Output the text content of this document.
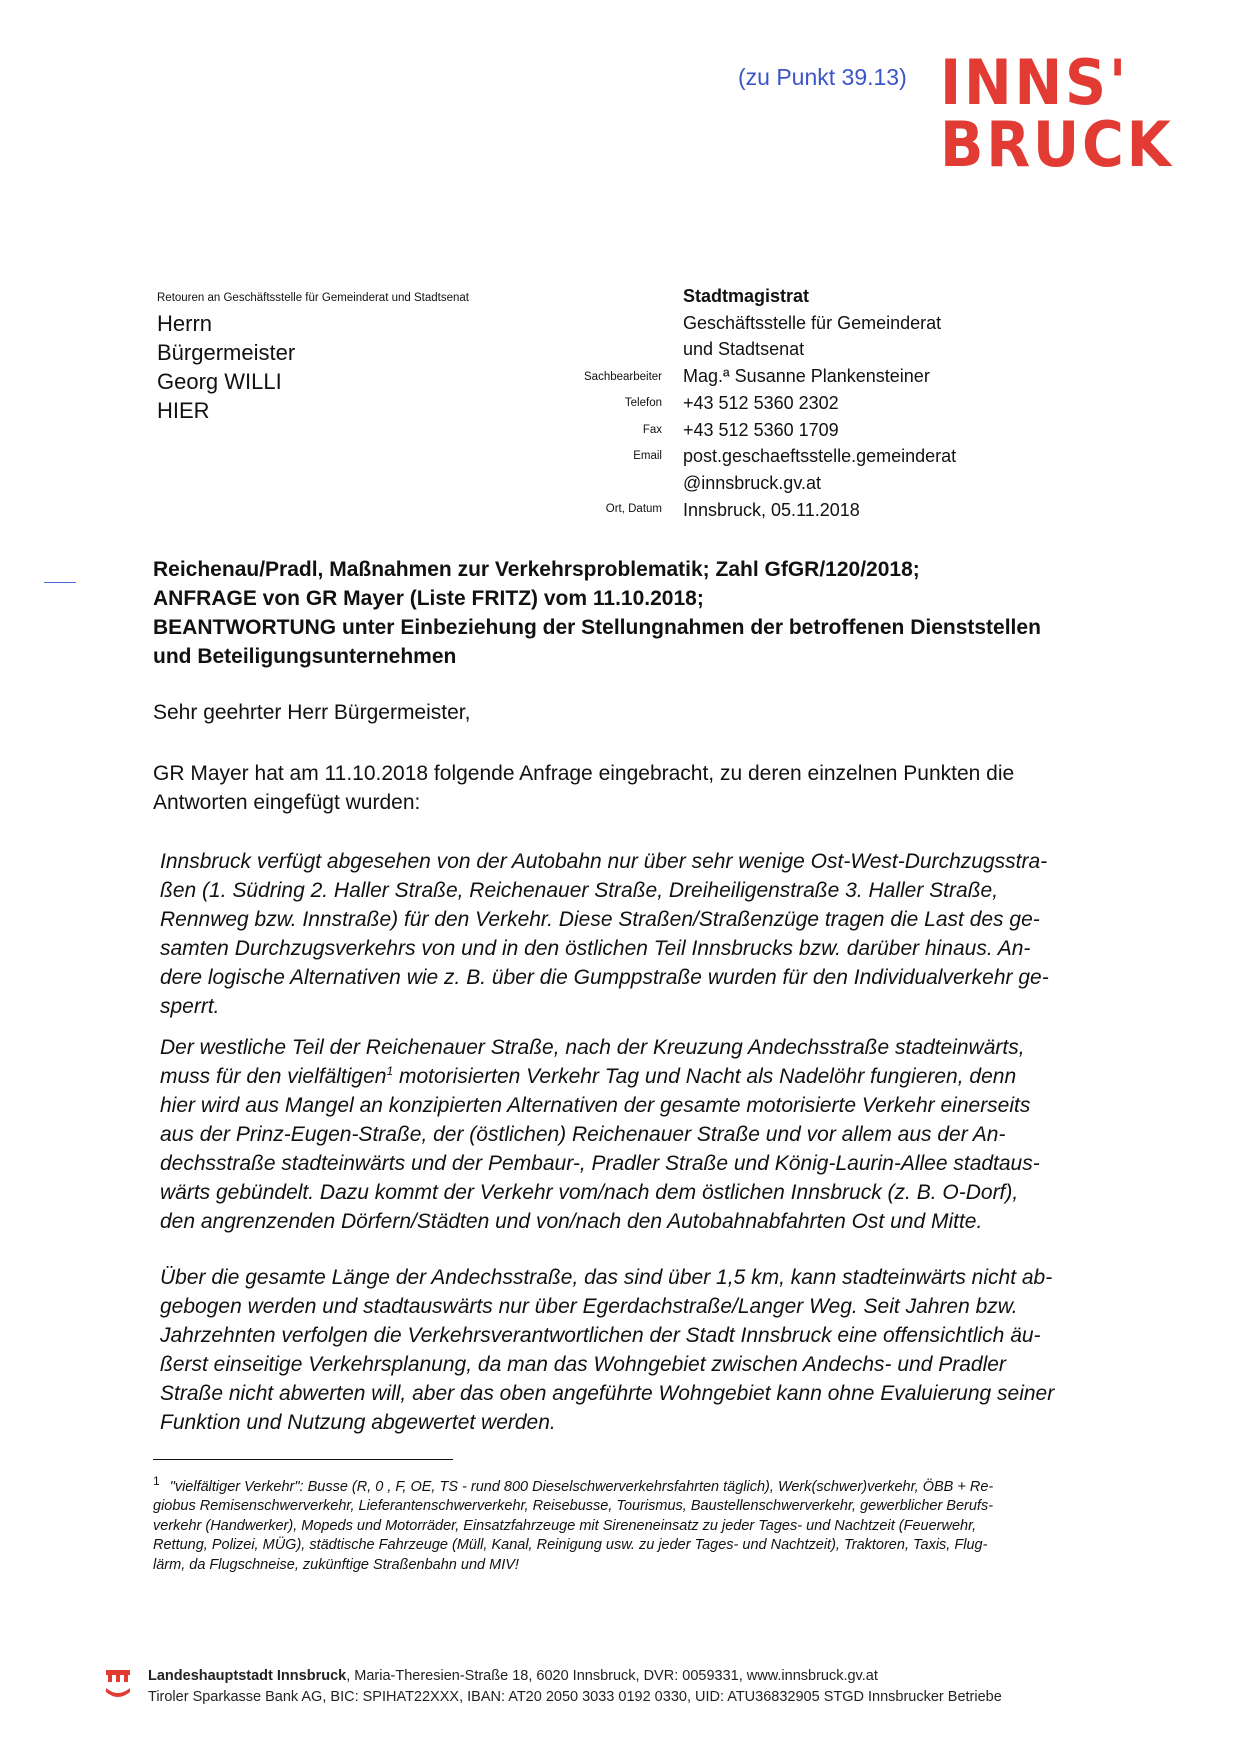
(zu Punkt 39.13) INNS'
BRUCK
Retouren an Geschäftsstelle für Gemeinderat und Stadtsenat
Herrn
Bürgermeister
Georg WILLI
HIER
Sachbearbeiter
Telefon
Fax
Email
Ort, Datum
Stadtmagistrat
Geschäftsstelle für Gemeinderat
und Stadtsenat
Mag.ª Susanne Plankensteiner
+43 512 5360 2302
+43 512 5360 1709
post.geschaeftsstelle.gemeinderat
@innsbruck.gv.at
Innsbruck, 05.11.2018
Reichenau/Pradl, Maßnahmen zur Verkehrsproblematik; Zahl GfGR/120/2018;
ANFRAGE von GR Mayer (Liste FRITZ) vom 11.10.2018;
BEANTWORTUNG unter Einbeziehung der Stellungnahmen der betroffenen Dienststellen
und Beteiligungsunternehmen
Sehr geehrter Herr Bürgermeister,
GR Mayer hat am 11.10.2018 folgende Anfrage eingebracht, zu deren einzelnen Punkten die
Antworten eingefügt wurden:
Innsbruck verfügt abgesehen von der Autobahn nur über sehr wenige Ost-West-Durchzugsstra-
ßen (1. Südring 2. Haller Straße, Reichenauer Straße, Dreiheiligenstraße 3. Haller Straße,
Rennweg bzw. Innstraße) für den Verkehr. Diese Straßen/Straßenzüge tragen die Last des ge-
samten Durchzugsverkehrs von und in den östlichen Teil Innsbrucks bzw. darüber hinaus. An-
dere logische Alternativen wie z. B. über die Gumppstraße wurden für den Individualverkehr ge-
sperrt.
Der westliche Teil der Reichenauer Straße, nach der Kreuzung Andechsstraße stadteinwärts,
muss für den vielfältigen$^1$ motorisierten Verkehr Tag und Nacht als Nadelöhr fungieren, denn
hier wird aus Mangel an konzipierten Alternativen der gesamte motorisierte Verkehr einerseits
aus der Prinz-Eugen-Straße, der (östlichen) Reichenauer Straße und vor allem aus der An-
dechsstraße stadteinwärts und der Pembaur-, Pradler Straße und König-Laurin-Allee stadtaus-
wärts gebündelt. Dazu kommt der Verkehr vom/nach dem östlichen Innsbruck (z. B. O-Dorf),
den angrenzenden Dörfern/Städten und von/nach den Autobahnabfahrten Ost und Mitte.
Über die gesamte Länge der Andechsstraße, das sind über 1,5 km, kann stadteinwärts nicht ab-
gebogen werden und stadtauswärts nur über Egerdachstraße/Langer Weg. Seit Jahren bzw.
Jahrzehnten verfolgen die Verkehrsverantwortlichen der Stadt Innsbruck eine offensichtlich äu-
ßerst einseitige Verkehrsplanung, da man das Wohngebiet zwischen Andechs- und Pradler
Straße nicht abwerten will, aber das oben angeführte Wohngebiet kann ohne Evaluierung seiner
Funktion und Nutzung abgewertet werden.
$^1$ "vielfältiger Verkehr": Busse (R, 0 , F, OE, TS - rund 800 Dieselschwerverkehrsfahrten täglich), Werk(schwer)verkehr, ÖBB + Re-
giobus Remisenschwerverkehr, Lieferantenschwerverkehr, Reisebusse, Tourismus, Baustellenschwerverkehr, gewerblicher Berufs-
verkehr (Handwerker), Mopeds und Motorräder, Einsatzfahrzeuge mit Sireneneinsatz zu jeder Tages- und Nachtzeit (Feuerwehr,
Rettung, Polizei, MÜG), städtische Fahrzeuge (Müll, Kanal, Reinigung usw. zu jeder Tages- und Nachtzeit), Traktoren, Taxis, Flug-
lärm, da Flugschneise, zukünftige Straßenbahn und MIV!
Landeshauptstadt Innsbruck, Maria-Theresien-Straße 18, 6020 Innsbruck, DVR: 0059331, www.innsbruck.gv.at
Tiroler Sparkasse Bank AG, BIC: SPIHAT22XXX, IBAN: AT20 2050 3033 0192 0330, UID: ATU36832905 STGD Innsbrucker Betriebe
